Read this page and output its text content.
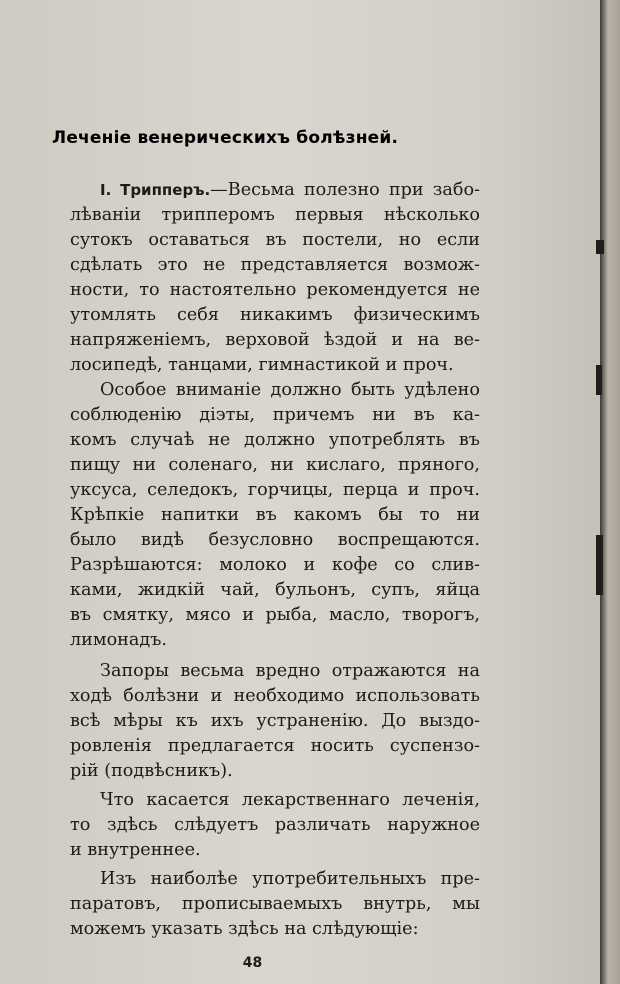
Леченіе венерическихъ болѣзней.
I. Трипперъ.—Весьма полезно при забо-
лѣваніи трипперомъ первыя нѣсколько
сутокъ оставаться въ постели, но если
сдѣлать это не представляется возмож-
ности, то настоятельно рекомендуется не
утомлять себя никакимъ физическимъ
напряженіемъ, верховой ѣздой и на ве-
лосипедѣ, танцами, гимнастикой и проч.
Особое вниманіе должно быть удѣлено
соблюденію діэты, причемъ ни въ ка-
комъ случаѣ не должно употреблять въ
пищу ни соленаго, ни кислаго, пряного,
уксуса, селедокъ, горчицы, перца и проч.
Крѣпкіе напитки въ какомъ бы то ни
было видѣ безусловно воспрещаются.
Разрѣшаются: молоко и кофе со слив-
ками, жидкій чай, бульонъ, супъ, яйца
въ смятку, мясо и рыба, масло, творогъ,
лимонадъ.
Запоры весьма вредно отражаются на
ходѣ болѣзни и необходимо использовать
всѣ мѣры къ ихъ устраненію. До выздо-
ровленія предлагается носить суспензо-
рій (подвѣсникъ).
Что касается лекарственнаго леченія,
то здѣсь слѣдуетъ различать наружное
и внутреннее.
Изъ наиболѣе употребительныхъ пре-
паратовъ, прописываемыхъ внутрь, мы
можемъ указать здѣсь на слѣдующіе:
48
